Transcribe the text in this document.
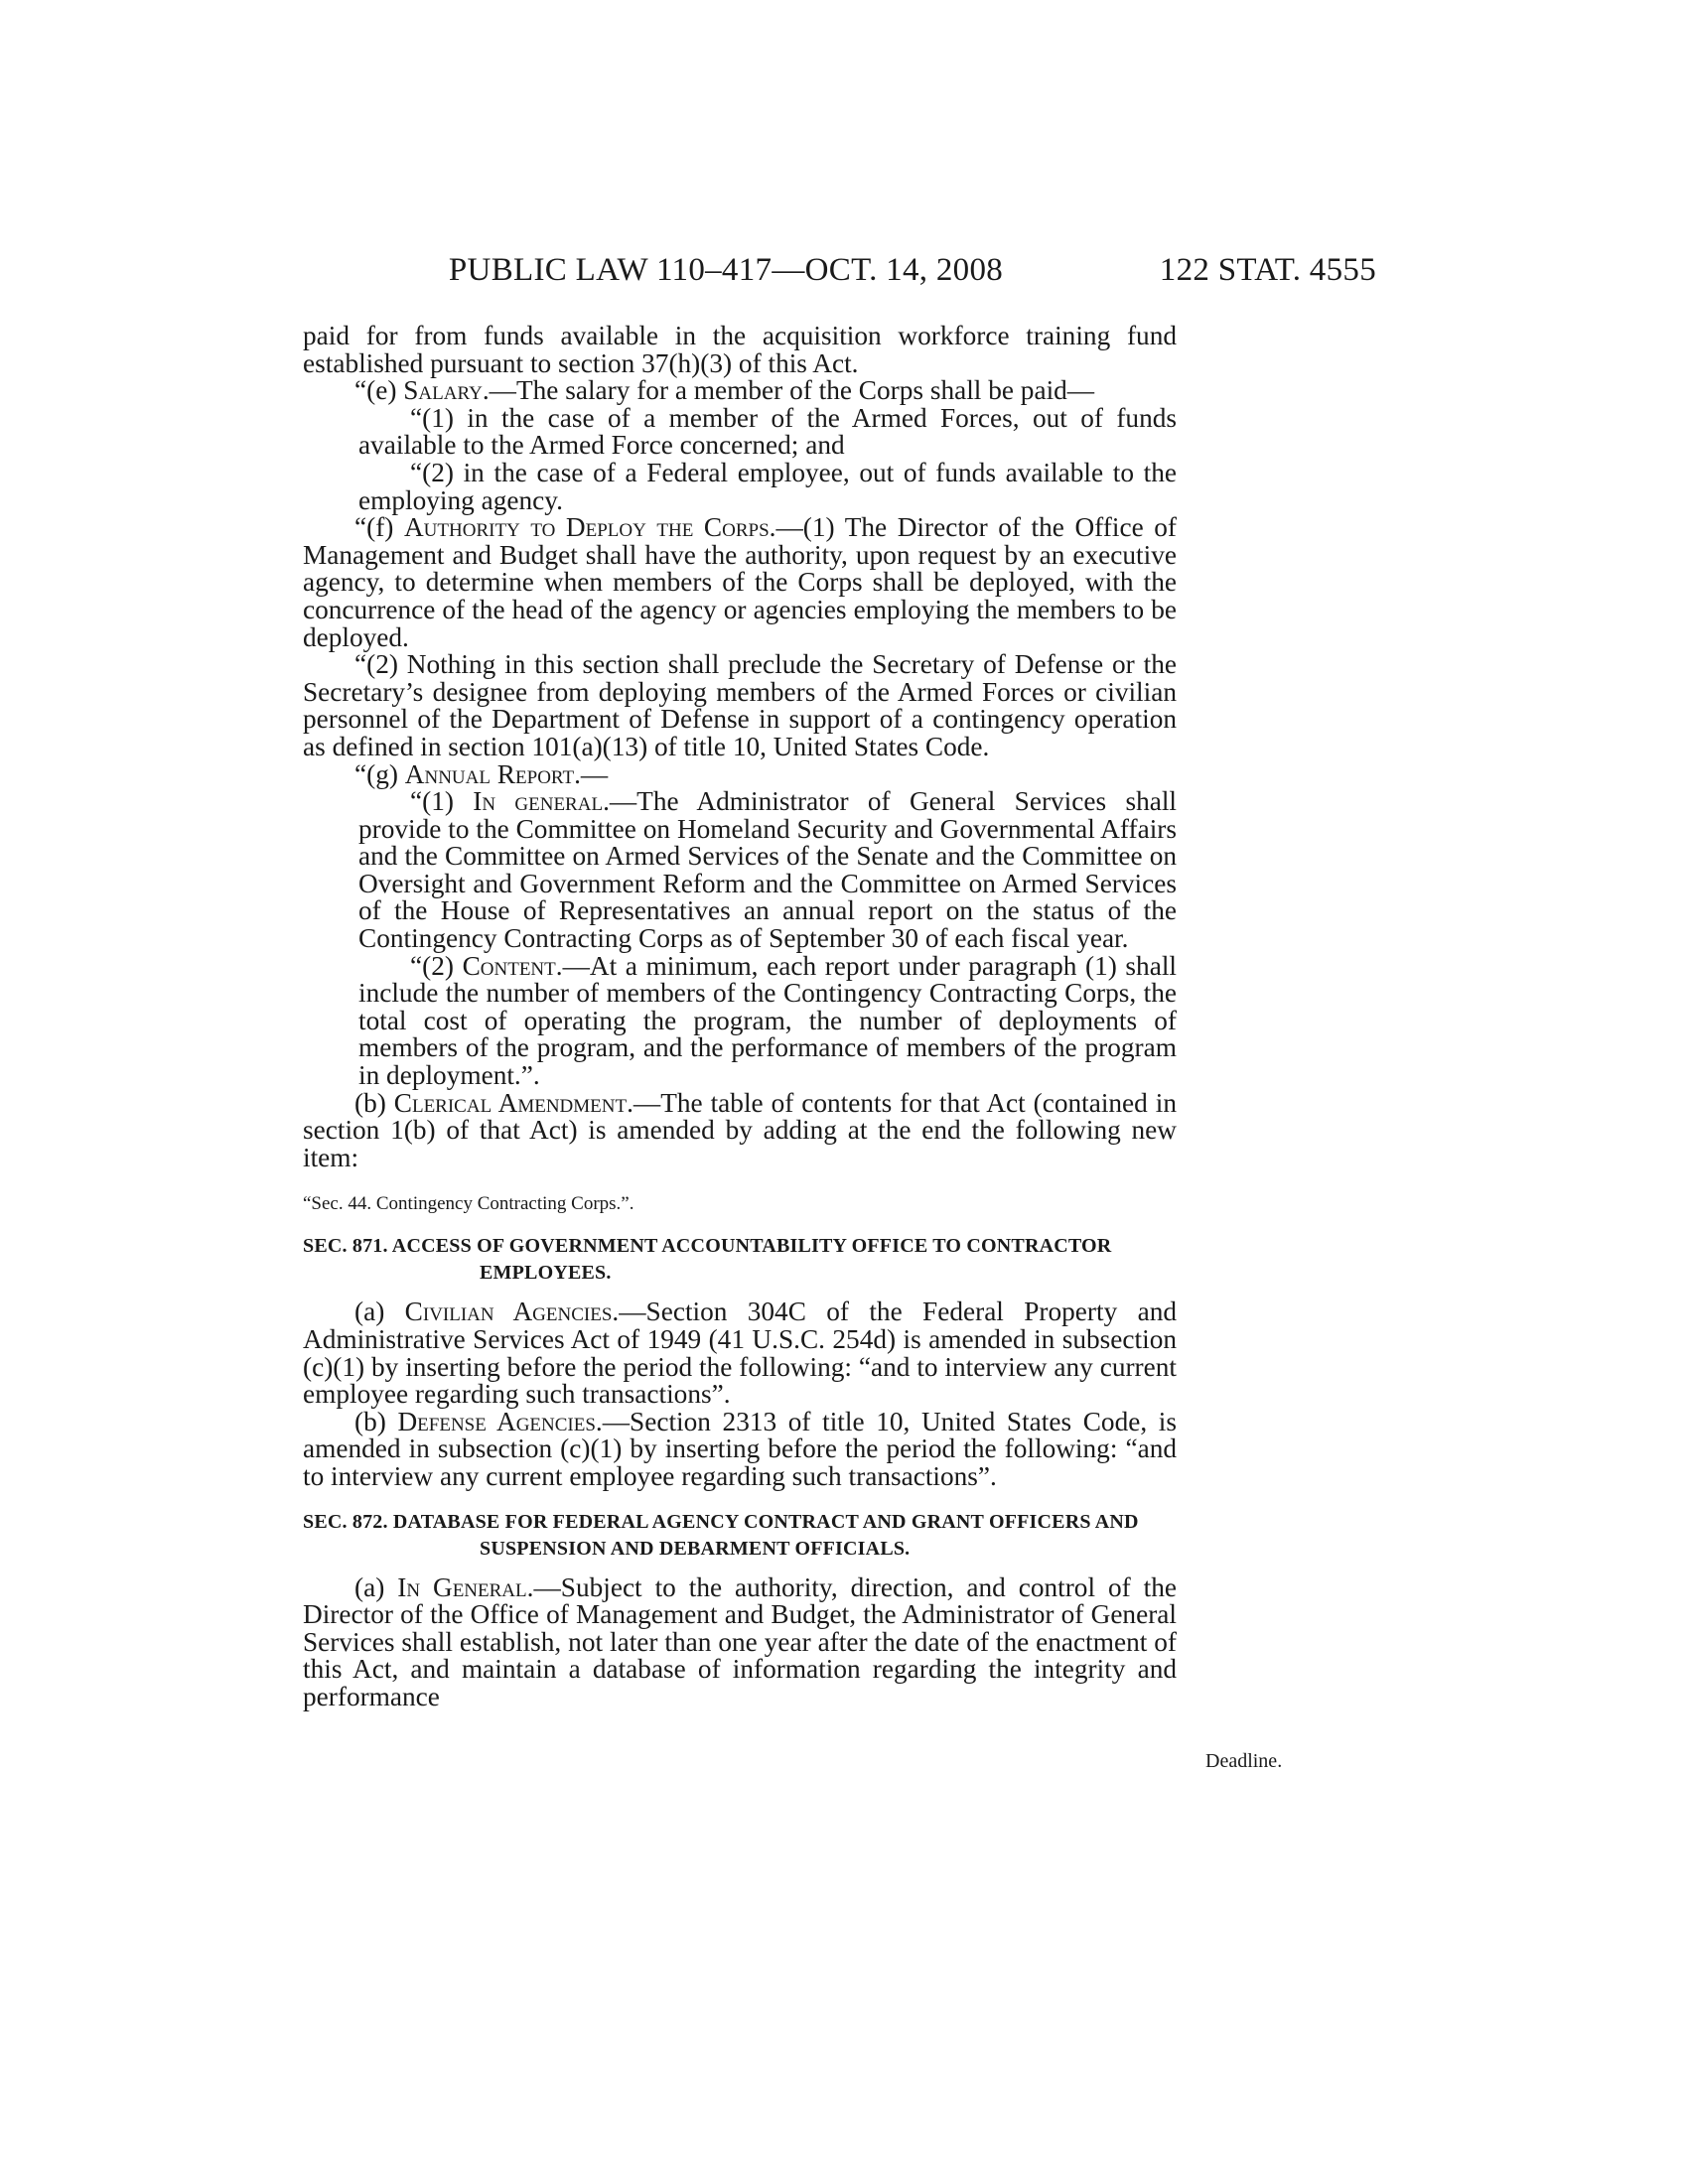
PUBLIC LAW 110–417—OCT. 14, 2008	122 STAT. 4555
Deadline.

paid for from funds available in the acquisition workforce training fund established pursuant to section 37(h)(3) of this Act.

“(e) Salary.—The salary for a member of the Corps shall be paid—

“(1) in the case of a member of the Armed Forces, out of funds available to the Armed Force concerned; and

“(2) in the case of a Federal employee, out of funds available to the employing agency.

“(f) Authority to Deploy the Corps.—(1) The Director of the Office of Management and Budget shall have the authority, upon request by an executive agency, to determine when members of the Corps shall be deployed, with the concurrence of the head of the agency or agencies employing the members to be deployed.

“(2) Nothing in this section shall preclude the Secretary of Defense or the Secretary’s designee from deploying members of the Armed Forces or civilian personnel of the Department of Defense in support of a contingency operation as defined in section 101(a)(13) of title 10, United States Code.

“(g) Annual Report.—

“(1) In general.—The Administrator of General Services shall provide to the Committee on Homeland Security and Governmental Affairs and the Committee on Armed Services of the Senate and the Committee on Oversight and Government Reform and the Committee on Armed Services of the House of Representatives an annual report on the status of the Contingency Contracting Corps as of September 30 of each fiscal year.

“(2) Content.—At a minimum, each report under paragraph (1) shall include the number of members of the Contingency Contracting Corps, the total cost of operating the program, the number of deployments of members of the program, and the performance of members of the program in deployment.”.

(b) Clerical Amendment.—The table of contents for that Act (contained in section 1(b) of that Act) is amended by adding at the end the following new item:

“Sec. 44. Contingency Contracting Corps.”.

SEC. 871. ACCESS OF GOVERNMENT ACCOUNTABILITY OFFICE TO CONTRACTOR EMPLOYEES.

(a) Civilian Agencies.—Section 304C of the Federal Property and Administrative Services Act of 1949 (41 U.S.C. 254d) is amended in subsection (c)(1) by inserting before the period the following: “and to interview any current employee regarding such transactions”.

(b) Defense Agencies.—Section 2313 of title 10, United States Code, is amended in subsection (c)(1) by inserting before the period the following: “and to interview any current employee regarding such transactions”.

SEC. 872. DATABASE FOR FEDERAL AGENCY CONTRACT AND GRANT OFFICERS AND SUSPENSION AND DEBARMENT OFFICIALS.

(a) In General.—Subject to the authority, direction, and control of the Director of the Office of Management and Budget, the Administrator of General Services shall establish, not later than one year after the date of the enactment of this Act, and maintain a database of information regarding the integrity and performance
